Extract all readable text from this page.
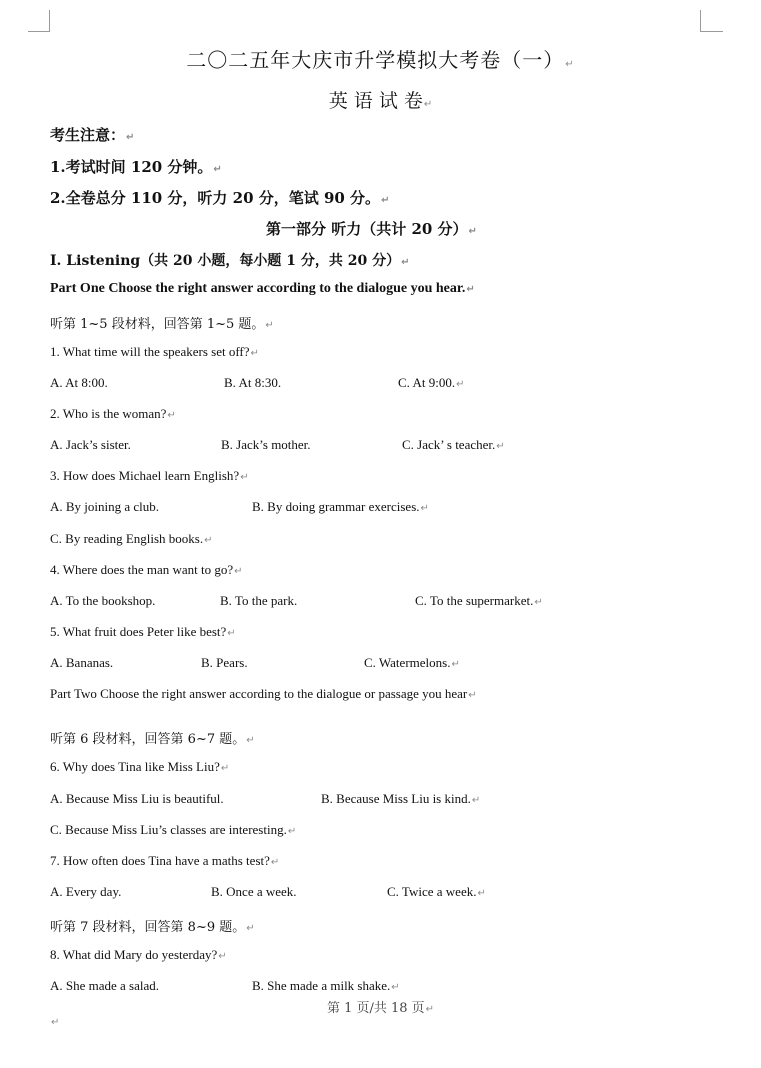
二〇二五年大庆市升学模拟大考卷（一）↵
英 语 试 卷↵
考生注意：↵
1.考试时间 120 分钟。↵
2.全卷总分 110 分，听力 20 分，笔试 90 分。↵
第一部分 听力（共计 20 分）↵
Ⅰ. Listening（共 20 小题，每小题 1 分，共 20 分）↵
Part One Choose the right answer according to the dialogue you hear.↵
听第 1~5 段材料，回答第 1~5 题。↵
1. What time will the speakers set off?↵
A. At 8:00.	B. At 8:30.	C. At 9:00.↵
2. Who is the woman?↵
A. Jack’s sister.	B. Jack’s mother.	C. Jack’ s teacher.↵
3. How does Michael learn English?↵
A. By joining a club.	B. By doing grammar exercises.↵
C. By reading English books.↵
4. Where does the man want to go?↵
A. To the bookshop.	B. To the park.	C. To the supermarket.↵
5. What fruit does Peter like best?↵
A. Bananas.	B. Pears.	C. Watermelons.↵
Part Two Choose the right answer according to the dialogue or passage you hear↵
听第 6 段材料，回答第 6~7 题。↵
6. Why does Tina like Miss Liu?↵
A. Because Miss Liu is beautiful.	B. Because Miss Liu is kind.↵
C. Because Miss Liu’s classes are interesting.↵
7. How often does Tina have a maths test?↵
A. Every day.	B. Once a week.	C. Twice a week.↵
听第 7 段材料，回答第 8~9 题。↵
8. What did Mary do yesterday?↵
A. She made a salad.	B. She made a milk shake.↵
第 1 页/共 18 页↵
↵
